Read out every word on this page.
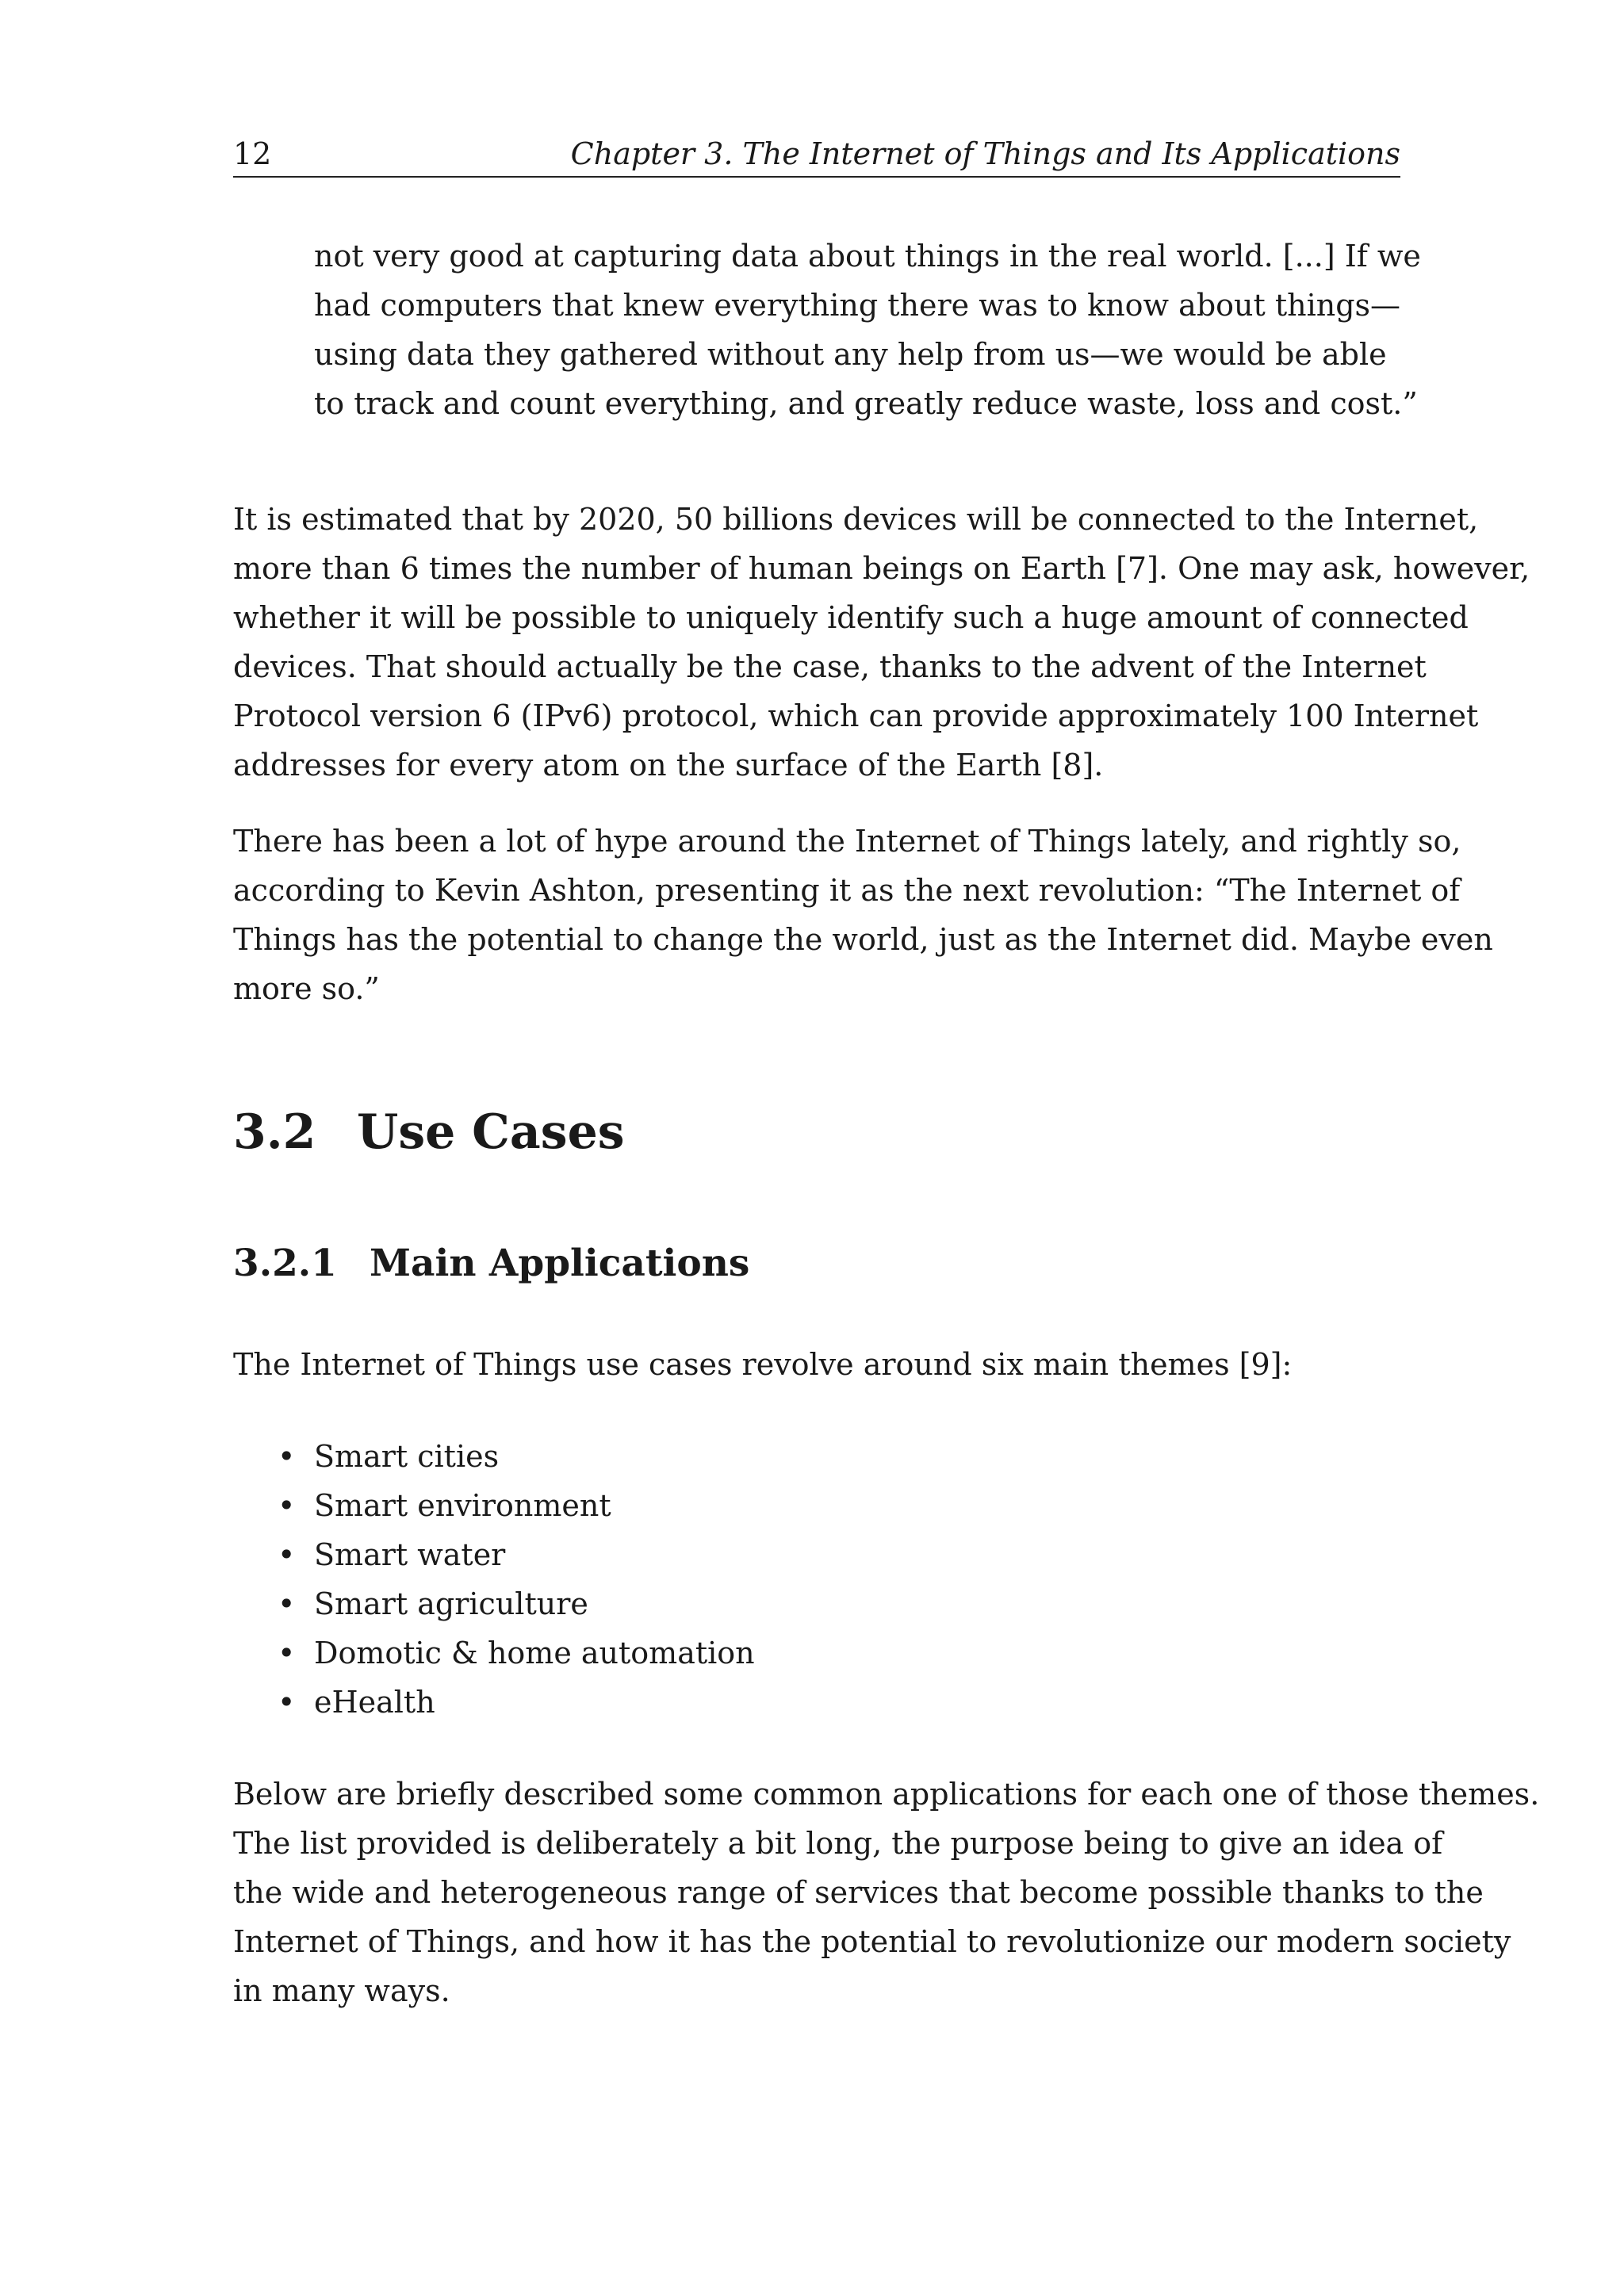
12	Chapter 3. The Internet of Things and Its Applications
not very good at capturing data about things in the real world. [...] If we
had computers that knew everything there was to know about things—
using data they gathered without any help from us—we would be able
to track and count everything, and greatly reduce waste, loss and cost.”
It is estimated that by 2020, 50 billions devices will be connected to the Internet,
more than 6 times the number of human beings on Earth [7]. One may ask, however,
whether it will be possible to uniquely identify such a huge amount of connected
devices. That should actually be the case, thanks to the advent of the Internet
Protocol version 6 (IPv6) protocol, which can provide approximately 100 Internet
addresses for every atom on the surface of the Earth [8].
There has been a lot of hype around the Internet of Things lately, and rightly so,
according to Kevin Ashton, presenting it as the next revolution: “The Internet of
Things has the potential to change the world, just as the Internet did. Maybe even
more so.”
3.2 Use Cases
3.2.1 Main Applications
The Internet of Things use cases revolve around six main themes [9]:
• Smart cities
• Smart environment
• Smart water
• Smart agriculture
• Domotic & home automation
• eHealth
Below are briefly described some common applications for each one of those themes.
The list provided is deliberately a bit long, the purpose being to give an idea of
the wide and heterogeneous range of services that become possible thanks to the
Internet of Things, and how it has the potential to revolutionize our modern society
in many ways.
